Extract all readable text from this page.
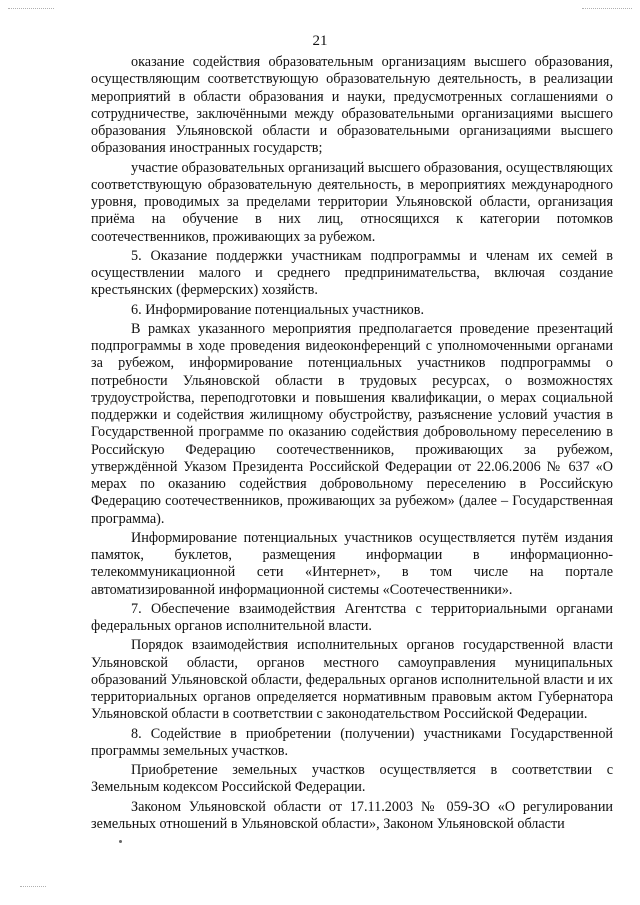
21

оказание содействия образовательным организациям высшего образования, осуществляющим соответствующую образовательную деятельность, в реализации мероприятий в области образования и науки, предусмотренных соглашениями о сотрудничестве, заключёнными между образовательными организациями высшего образования Ульяновской области и образовательными организациями высшего образования иностранных государств;

участие образовательных организаций высшего образования, осуществляющих соответствующую образовательную деятельность, в мероприятиях международного уровня, проводимых за пределами территории Ульяновской области, организация приёма на обучение в них лиц, относящихся к категории потомков соотечественников, проживающих за рубежом.

5. Оказание поддержки участникам подпрограммы и членам их семей в осуществлении малого и среднего предпринимательства, включая создание крестьянских (фермерских) хозяйств.

6. Информирование потенциальных участников.

В рамках указанного мероприятия предполагается проведение презентаций подпрограммы в ходе проведения видеоконференций с уполномоченными органами за рубежом, информирование потенциальных участников подпрограммы о потребности Ульяновской области в трудовых ресурсах, о возможностях трудоустройства, переподготовки и повышения квалификации, о мерах социальной поддержки и содействия жилищному обустройству, разъяснение условий участия в Государственной программе по оказанию содействия добровольному переселению в Российскую Федерацию соотечественников, проживающих за рубежом, утверждённой Указом Президента Российской Федерации от 22.06.2006 № 637 «О мерах по оказанию содействия добровольному переселению в Российскую Федерацию соотечественников, проживающих за рубежом» (далее – Государственная программа).

Информирование потенциальных участников осуществляется путём издания памяток, буклетов, размещения информации в информационно-телекоммуникационной сети «Интернет», в том числе на портале автоматизированной информационной системы «Соотечественники».

7. Обеспечение взаимодействия Агентства с территориальными органами федеральных органов исполнительной власти.

Порядок взаимодействия исполнительных органов государственной власти Ульяновской области, органов местного самоуправления муниципальных образований Ульяновской области, федеральных органов исполнительной власти и их территориальных органов определяется нормативным правовым актом Губернатора Ульяновской области в соответствии с законодательством Российской Федерации.

8. Содействие в приобретении (получении) участниками Государственной программы земельных участков.

Приобретение земельных участков осуществляется в соответствии с Земельным кодексом Российской Федерации.

Законом Ульяновской области от 17.11.2003 № 059-ЗО «О регулировании земельных отношений в Ульяновской области», Законом Ульяновской области
